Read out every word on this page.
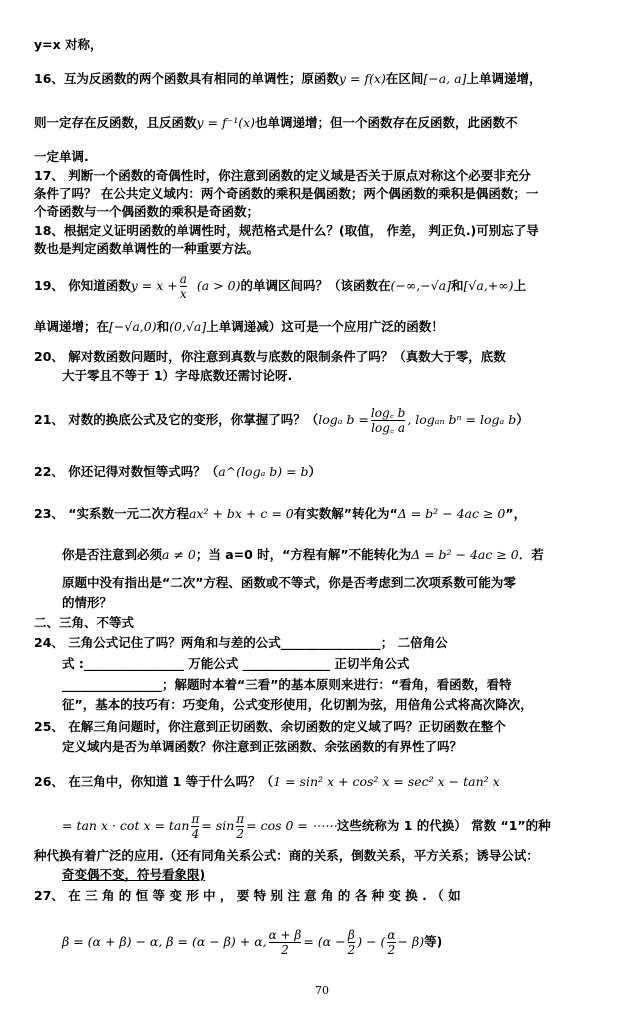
y=x 对称，
16、互为反函数的两个函数具有相同的单调性；原函数y = f(x)在区间[−a, a]上单调递增，
则一定存在反函数，且反函数y = f⁻¹(x)也单调递增；但一个函数存在反函数，此函数不
一定单调.
17、 判断一个函数的奇偶性时，你注意到函数的定义域是否关于原点对称这个必要非充分
条件了吗？ 在公共定义域内：两个奇函数的乘积是偶函数；两个偶函数的乘积是偶函数；一
个奇函数与一个偶函数的乘积是奇函数；
18、根据定义证明函数的单调性时，规范格式是什么？(取值， 作差， 判正负.)可别忘了导
数也是判定函数单调性的一种重要方法。
19、 你知道函数$y = x + \frac{a}{x} (a > 0)$的单调区间吗？（该函数在(−∞,−√a]和[√a,+∞)上
单调递增；在[−√a,0)和(0,√a]上单调递减）这可是一个应用广泛的函数！
20、 解对数函数问题时，你注意到真数与底数的限制条件了吗？（真数大于零，底数
大于零且不等于 1）字母底数还需讨论呀.
21、 对数的换底公式及它的变形，你掌握了吗？（logₐ $b = \frac{\log꜀ b}{\log꜀ a}$ , logₐₙ bⁿ = logₐ b）
22、 你还记得对数恒等式吗？（a^(logₐ b) = b）
23、 “实系数一元二次方程ax² + bx + c = 0有实数解”转化为“Δ = b² − 4ac ≥ 0”，
你是否注意到必须a ≠ 0；当 a=0 时，“方程有解”不能转化为Δ = b² − 4ac ≥ 0．若
原题中没有指出是“二次”方程、函数或不等式，你是否考虑到二次项系数可能为零
的情形？
二、三角、不等式
24、 三角公式记住了吗？两角和与差的公式________________； 二倍角公
式 :________________ 万能公式 ______________ 正切半角公式
________________；解题时本着“三看”的基本原则来进行：“看角，看函数，看特
征”，基本的技巧有：巧变角，公式变形使用，化切割为弦，用倍角公式将高次降次，
25、 在解三角问题时，你注意到正切函数、余切函数的定义域了吗？正切函数在整个
定义域内是否为单调函数？你注意到正弦函数、余弦函数的有界性了吗？
26、 在三角中，你知道 1 等于什么吗？（1 = sin² x + cos² x = sec² x − tan² x
= $\tan x \cdot \cot x = \tan \frac{\pi}{4} = \sin \frac{\pi}{2} = \cos 0$ = ⋯⋯这些统称为 1 的代换） 常数 “1”的种
种代换有着广泛的应用.（还有同角关系公式：商的关系，倒数关系，平方关系；诱导公试：
奇变偶不变，符号看象限)
27、 在 三 角 的 恒 等 变 形 中 ， 要 特 别 注 意 角 的 各 种 变 换 . （ 如
β = (α + β) − α, β = (α − β) + α, $\frac{\alpha + \beta}{2} = (\alpha - \frac{\beta}{2}$ ) − ( $\frac{\alpha}{2} - \beta$)等)
70
